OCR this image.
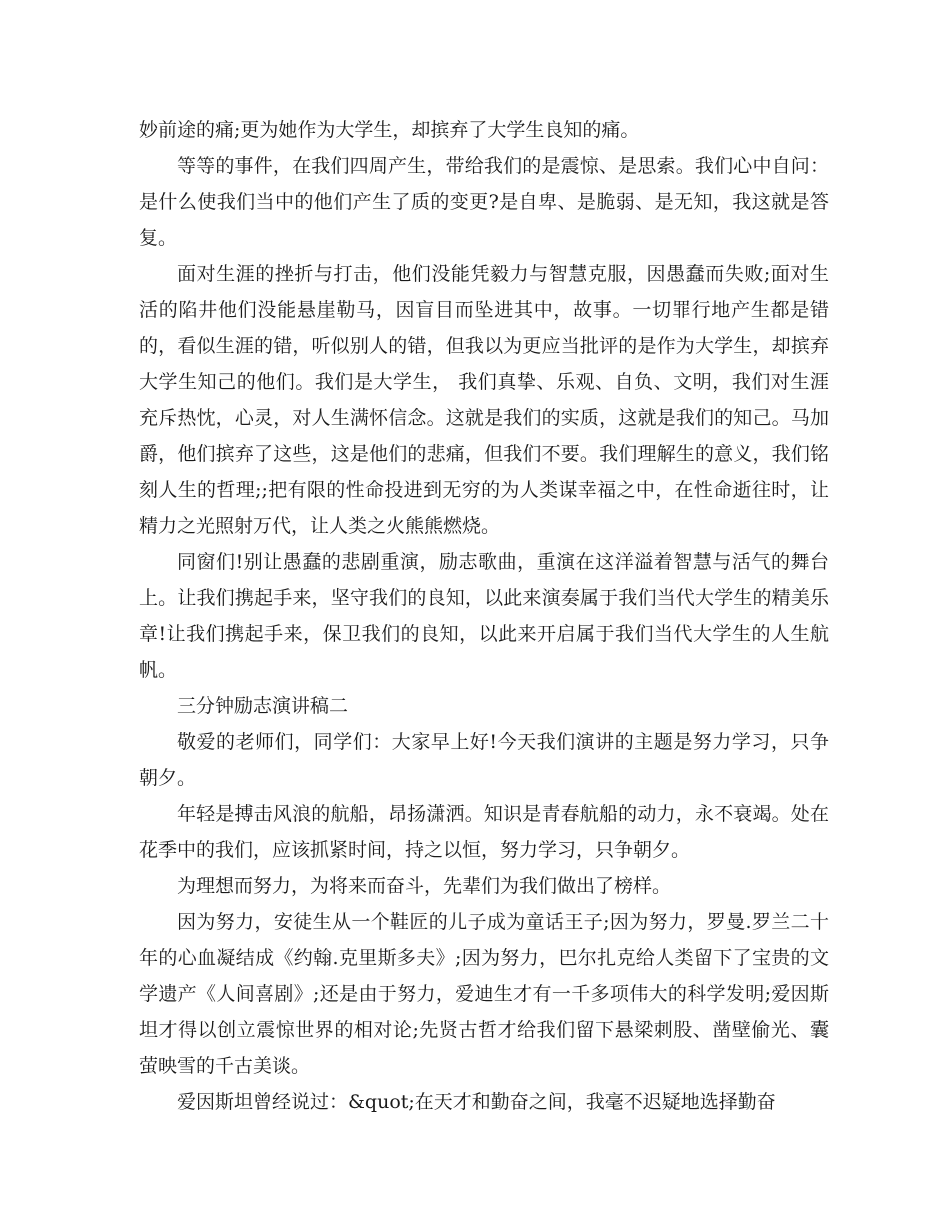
妙前途的痛;更为她作为大学生，却摈弃了大学生良知的痛。

等等的事件，在我们四周产生，带给我们的是震惊、是思索。我们心中自问：是什么使我们当中的他们产生了质的变更?是自卑、是脆弱、是无知，我这就是答复。

面对生涯的挫折与打击，他们没能凭毅力与智慧克服，因愚蠢而失败;面对生活的陷井他们没能悬崖勒马，因盲目而坠进其中，故事。一切罪行地产生都是错的，看似生涯的错，听似别人的错，但我以为更应当批评的是作为大学生，却摈弃大学生知己的他们。我们是大学生， 我们真挚、乐观、自负、文明，我们对生涯充斥热忱，心灵，对人生满怀信念。这就是我们的实质，这就是我们的知己。马加爵，他们摈弃了这些，这是他们的悲痛，但我们不要。我们理解生的意义，我们铭刻人生的哲理;;把有限的性命投进到无穷的为人类谋幸福之中，在性命逝往时，让精力之光照射万代，让人类之火熊熊燃烧。

同窗们!别让愚蠢的悲剧重演，励志歌曲，重演在这洋溢着智慧与活气的舞台上。让我们携起手来，坚守我们的良知，以此来演奏属于我们当代大学生的精美乐章!让我们携起手来，保卫我们的良知，以此来开启属于我们当代大学生的人生航帆。

三分钟励志演讲稿二

敬爱的老师们，同学们：大家早上好!今天我们演讲的主题是努力学习，只争朝夕。

年轻是搏击风浪的航船，昂扬潇洒。知识是青春航船的动力，永不衰竭。处在花季中的我们，应该抓紧时间，持之以恒，努力学习，只争朝夕。

为理想而努力，为将来而奋斗，先辈们为我们做出了榜样。

因为努力，安徒生从一个鞋匠的儿子成为童话王子;因为努力，罗曼.罗兰二十年的心血凝结成《约翰.克里斯多夫》;因为努力，巴尔扎克给人类留下了宝贵的文学遗产《人间喜剧》;还是由于努力，爱迪生才有一千多项伟大的科学发明;爱因斯坦才得以创立震惊世界的相对论;先贤古哲才给我们留下悬梁刺股、凿壁偷光、囊萤映雪的千古美谈。

爱因斯坦曾经说过：&quot;在天才和勤奋之间，我毫不迟疑地选择勤奋
